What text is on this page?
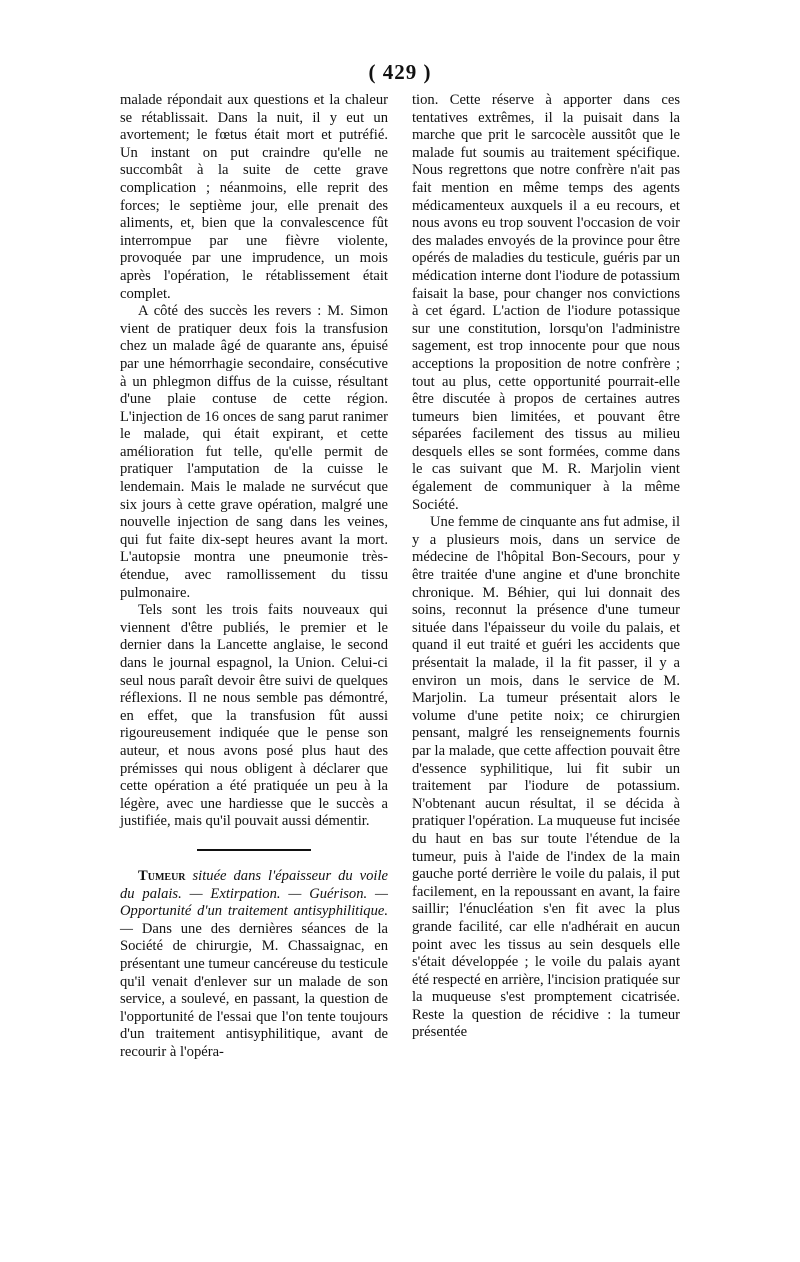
( 429 )

malade répondait aux questions et la chaleur se rétablissait. Dans la nuit, il y eut un avortement; le fœtus était mort et putréfié. Un instant on put craindre qu'elle ne succombât à la suite de cette grave complication ; néanmoins, elle reprit des forces; le septième jour, elle prenait des aliments, et, bien que la convalescence fût interrompue par une fièvre violente, provoquée par une imprudence, un mois après l'opération, le rétablissement était complet.

A côté des succès les revers : M. Simon vient de pratiquer deux fois la transfusion chez un malade âgé de quarante ans, épuisé par une hémorrhagie secondaire, consécutive à un phlegmon diffus de la cuisse, résultant d'une plaie contuse de cette région. L'injection de 16 onces de sang parut ranimer le malade, qui était expirant, et cette amélioration fut telle, qu'elle permit de pratiquer l'amputation de la cuisse le lendemain. Mais le malade ne survécut que six jours à cette grave opération, malgré une nouvelle injection de sang dans les veines, qui fut faite dix-sept heures avant la mort. L'autopsie montra une pneumonie très-étendue, avec ramollissement du tissu pulmonaire.

Tels sont les trois faits nouveaux qui viennent d'être publiés, le premier et le dernier dans la Lancette anglaise, le second dans le journal espagnol, la Union. Celui-ci seul nous paraît devoir être suivi de quelques réflexions. Il ne nous semble pas démontré, en effet, que la transfusion fût aussi rigoureusement indiquée que le pense son auteur, et nous avons posé plus haut des prémisses qui nous obligent à déclarer que cette opération a été pratiquée un peu à la légère, avec une hardiesse que le succès a justifiée, mais qu'il pouvait aussi démentir.

Tumeur située dans l'épaisseur du voile du palais. — Extirpation. — Guérison. — Opportunité d'un traitement antisyphilitique. — Dans une des dernières séances de la Société de chirurgie, M. Chassaignac, en présentant une tumeur cancéreuse du testicule qu'il venait d'enlever sur un malade de son service, a soulevé, en passant, la question de l'opportunité de l'essai que l'on tente toujours d'un traitement antisyphilitique, avant de recourir à l'opéra-

tion. Cette réserve à apporter dans ces tentatives extrêmes, il la puisait dans la marche que prit le sarcocèle aussitôt que le malade fut soumis au traitement spécifique. Nous regrettons que notre confrère n'ait pas fait mention en même temps des agents médicamenteux auxquels il a eu recours, et nous avons eu trop souvent l'occasion de voir des malades envoyés de la province pour être opérés de maladies du testicule, guéris par un médication interne dont l'iodure de potassium faisait la base, pour changer nos convictions à cet égard. L'action de l'iodure potassique sur une constitution, lorsqu'on l'administre sagement, est trop innocente pour que nous acceptions la proposition de notre confrère ; tout au plus, cette opportunité pourrait-elle être discutée à propos de certaines autres tumeurs bien limitées, et pouvant être séparées facilement des tissus au milieu desquels elles se sont formées, comme dans le cas suivant que M. R. Marjolin vient également de communiquer à la même Société.

Une femme de cinquante ans fut admise, il y a plusieurs mois, dans un service de médecine de l'hôpital Bon-Secours, pour y être traitée d'une angine et d'une bronchite chronique. M. Béhier, qui lui donnait des soins, reconnut la présence d'une tumeur située dans l'épaisseur du voile du palais, et quand il eut traité et guéri les accidents que présentait la malade, il la fit passer, il y a environ un mois, dans le service de M. Marjolin. La tumeur présentait alors le volume d'une petite noix; ce chirurgien pensant, malgré les renseignements fournis par la malade, que cette affection pouvait être d'essence syphilitique, lui fit subir un traitement par l'iodure de potassium. N'obtenant aucun résultat, il se décida à pratiquer l'opération. La muqueuse fut incisée du haut en bas sur toute l'étendue de la tumeur, puis à l'aide de l'index de la main gauche porté derrière le voile du palais, il put facilement, en la repoussant en avant, la faire saillir; l'énucléation s'en fit avec la plus grande facilité, car elle n'adhérait en aucun point avec les tissus au sein desquels elle s'était développée ; le voile du palais ayant été respecté en arrière, l'incision pratiquée sur la muqueuse s'est promptement cicatrisée. Reste la question de récidive : la tumeur présentée
